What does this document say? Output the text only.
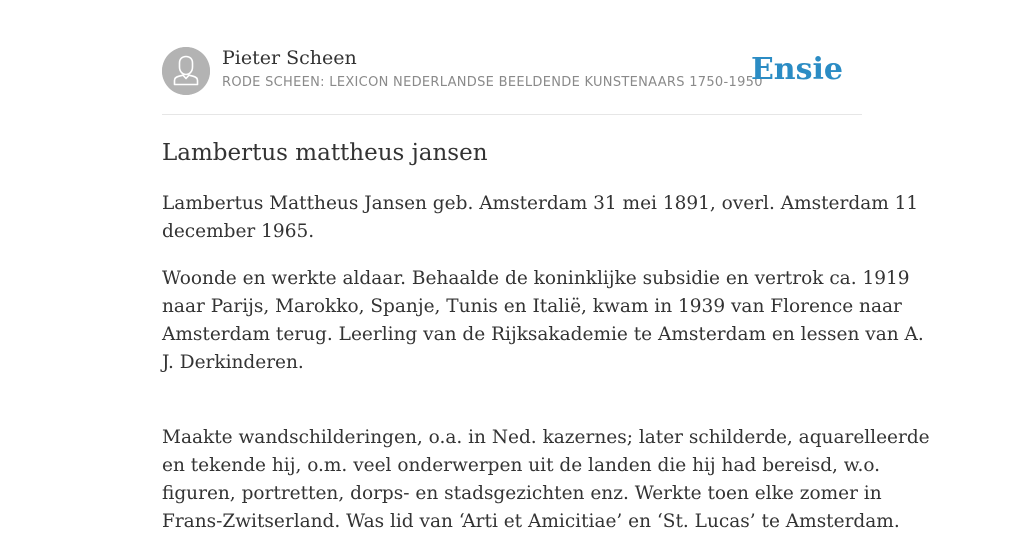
Pieter Scheen
RODE SCHEEN: LEXICON NEDERLANDSE BEELDENDE KUNSTENAARS 1750-1950
Ensie
Lambertus mattheus jansen

Lambertus Mattheus Jansen geb. Amsterdam 31 mei 1891, overl. Amsterdam 11
december 1965.

Woonde en werkte aldaar. Behaalde de koninklijke subsidie en vertrok ca. 1919
naar Parijs, Marokko, Spanje, Tunis en Italië, kwam in 1939 van Florence naar
Amsterdam terug. Leerling van de Rijksakademie te Amsterdam en lessen van A.
J. Derkinderen.

Maakte wandschilderingen, o.a. in Ned. kazernes; later schilderde, aquarelleerde
en tekende hij, o.m. veel onderwerpen uit de landen die hij had bereisd, w.o.
figuren, portretten, dorps- en stadsgezichten enz. Werkte toen elke zomer in
Frans-Zwitserland. Was lid van ‘Arti et Amicitiae’ en ‘St. Lucas’ te Amsterdam.
